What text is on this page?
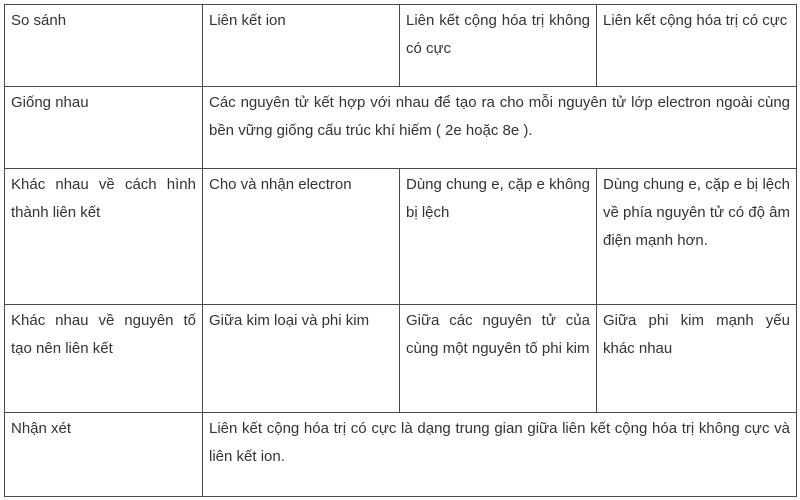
So sánh	Liên kết ion	Liên kết cộng hóa trị không có cực	Liên kết cộng hóa trị có cực
Giống nhau	Các nguyên tử kết hợp với nhau để tạo ra cho mỗi nguyên tử lớp electron ngoài cùng bền vững giống cấu trúc khí hiếm ( 2e hoặc 8e ).		
Khác nhau về cách hình thành liên kết	Cho và nhận electron	Dùng chung e, cặp e không bị lệch	Dùng chung e, cặp e bị lệch về phía nguyên tử có độ âm điện mạnh hơn.
Khác nhau về nguyên tố tạo nên liên kết	Giữa kim loại và phi kim	Giữa các nguyên tử của cùng một nguyên tố phi kim	Giữa phi kim mạnh yếu khác nhau
Nhận xét	Liên kết cộng hóa trị có cực là dạng trung gian giữa liên kết cộng hóa trị không cực và liên kết ion.		
